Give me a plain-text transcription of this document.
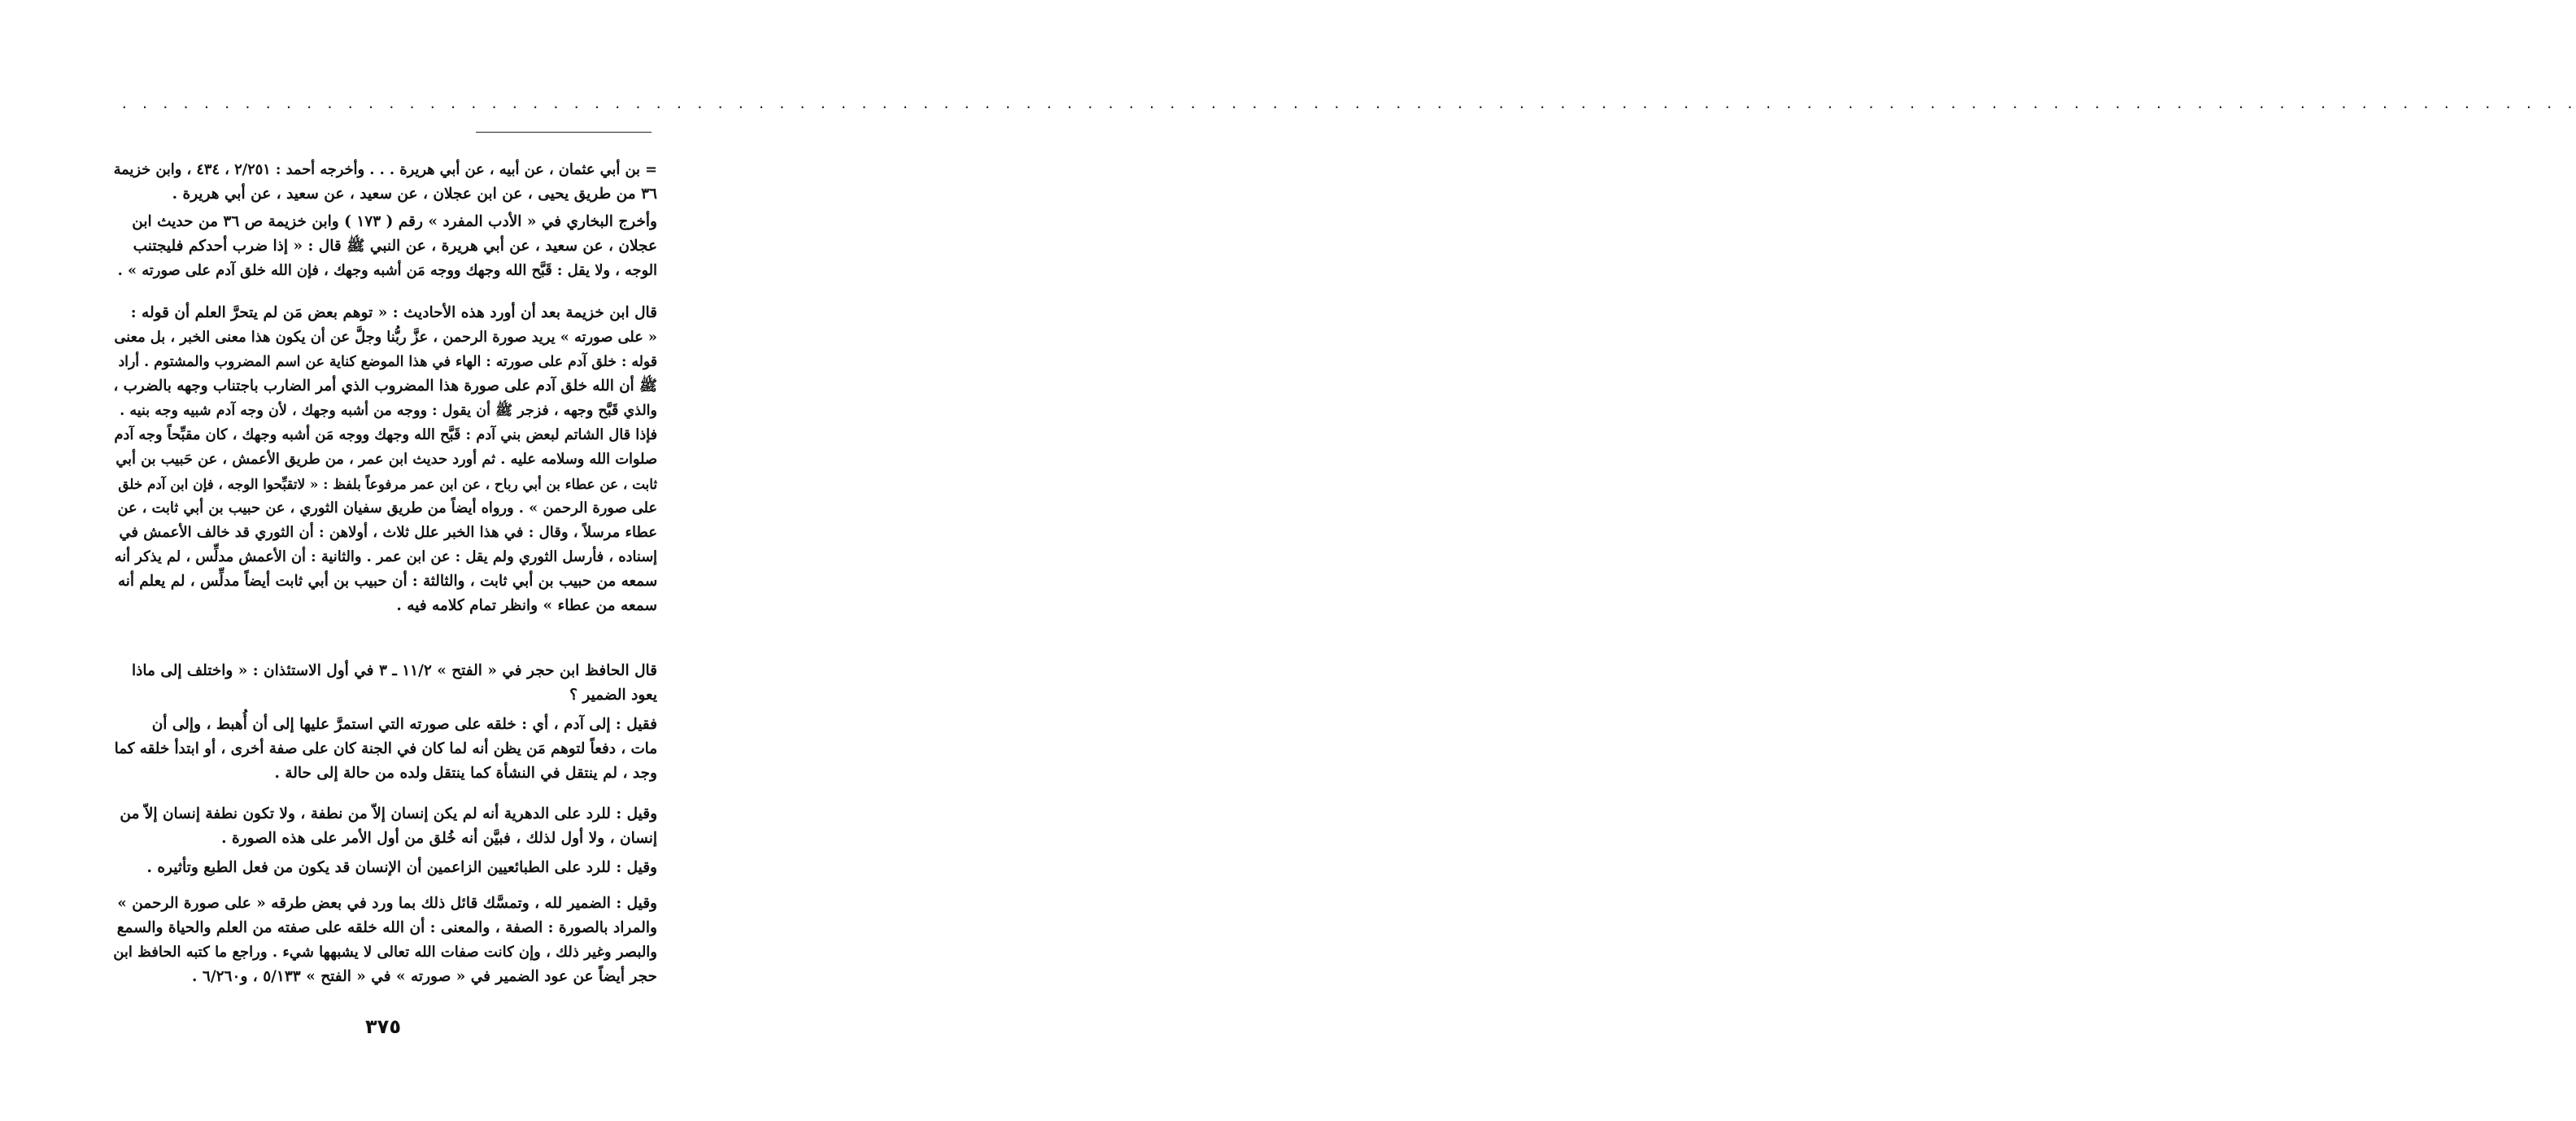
. . . . . . . . . . . . . . . . . . . . . . . . . . . . . . . . . . . . . . . . . . . . . . . . . . . . . . . . . . . . . . . . . . . . . . . . . . . . . . . . . . . . . . . . . . . . . . . . . . . . . . . . . . . . . . . . . . . . . . . .
= بن أبي عثمان ، عن أبيه ، عن أبي هريرة . . . وأخرجه أحمد : ٢/٢٥١ ، ٤٣٤ ، وابن خزيمة
٣٦ من طريق يحيى ، عن ابن عجلان ، عن سعيد ، عن سعيد ، عن أبي هريرة .
وأخرج البخاري في « الأدب المفرد » رقم ( ١٧٣ ) وابن خزيمة ص ٣٦ من حديث ابن
عجلان ، عن سعيد ، عن أبي هريرة ، عن النبي ﷺ قال : « إذا ضرب أحدكم فليجتنب
الوجه ، ولا يقل : قَبَّح الله وجهك ووجه مَن أشبه وجهك ، فإن الله خلق آدم على صورته » .
قال ابن خزيمة بعد أن أورد هذه الأحاديث : « توهم بعض مَن لم يتحرَّ العلم أن قوله :
« على صورته » يريد صورة الرحمن ، عزَّ ربُّنا وجلَّ عن أن يكون هذا معنى الخبر ، بل معنى
قوله : خلق آدم على صورته : الهاء في هذا الموضع كناية عن اسم المضروب والمشتوم . أراد
ﷺ أن الله خلق آدم على صورة هذا المضروب الذي أمر الضارب باجتناب وجهه بالضرب ،
والذي قَبَّح وجهه ، فزجر ﷺ أن يقول : ووجه من أشبه وجهك ، لأن وجه آدم شبيه وجه بنيه .
فإذا قال الشاتم لبعض بني آدم : قَبَّح الله وجهك ووجه مَن أشبه وجهك ، كان مقبِّحاً وجه آدم
صلوات الله وسلامه عليه . ثم أورد حديث ابن عمر ، من طريق الأعمش ، عن حَبيب بن أبي
ثابت ، عن عطاء بن أبي رباح ، عن ابن عمر مرفوعاً بلفظ : « لاتقبِّحوا الوجه ، فإن ابن آدم خلق
على صورة الرحمن » . ورواه أيضاً من طريق سفيان الثوري ، عن حبيب بن أبي ثابت ، عن
عطاء مرسلاً ، وقال : في هذا الخبر علل ثلاث ، أولاهن : أن الثوري قد خالف الأعمش في
إسناده ، فأرسل الثوري ولم يقل : عن ابن عمر . والثانية : أن الأعمش مدلِّس ، لم يذكر أنه
سمعه من حبيب بن أبي ثابت ، والثالثة : أن حبيب بن أبي ثابت أيضاً مدلِّس ، لم يعلم أنه
سمعه من عطاء » وانظر تمام كلامه فيه .
قال الحافظ ابن حجر في « الفتح » ١١/٢ ـ ٣ في أول الاستئذان : « واختلف إلى ماذا
يعود الضمير ؟
فقيل : إلى آدم ، أي : خلقه على صورته التي استمرَّ عليها إلى أن أُهبط ، وإلى أن
مات ، دفعاً لتوهم مَن يظن أنه لما كان في الجنة كان على صفة أخرى ، أو ابتدأ خلقه كما
وجد ، لم ينتقل في النشأة كما ينتقل ولده من حالة إلى حالة .
وقيل : للرد على الدهرية أنه لم يكن إنسان إلاّ من نطفة ، ولا تكون نطفة إنسان إلاّ من
إنسان ، ولا أول لذلك ، فبيَّن أنه خُلق من أول الأمر على هذه الصورة .
وقيل : للرد على الطبائعيين الزاعمين أن الإنسان قد يكون من فعل الطبع وتأثيره .
وقيل : الضمير لله ، وتمسَّك قائل ذلك بما ورد في بعض طرقه « على صورة الرحمن »
والمراد بالصورة : الصفة ، والمعنى : أن الله خلقه على صفته من العلم والحياة والسمع
والبصر وغير ذلك ، وإن كانت صفات الله تعالى لا يشبهها شيء . وراجع ما كتبه الحافظ ابن
حجر أيضاً عن عود الضمير في « صورته » في « الفتح » ٥/١٣٣ ، و٦/٢٦٠ .
٣٧٥
